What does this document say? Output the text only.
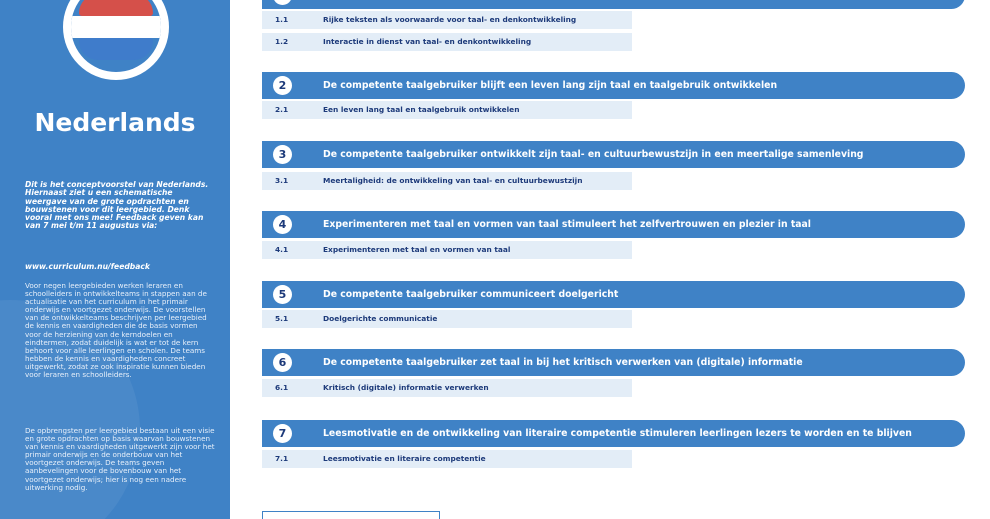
Nederlands
Dit is het conceptvoorstel van Nederlands. Hiernaast ziet u een schematische weergave van de grote opdrachten en bouwstenen voor dit leergebied. Denk vooral met ons mee! Feedback geven kan van 7 mei t/m 11 augustus via:
www.curriculum.nu/feedback
Voor negen leergebieden werken leraren en schoolleiders in ontwikkelteams in stappen aan de actualisatie van het curriculum in het primair onderwijs en voortgezet onderwijs. De voorstellen van de ontwikkelteams beschrijven per leergebied de kennis en vaardigheden die de basis vormen voor de herziening van de kerndoelen en eindtermen, zodat duidelijk is wat er tot de kern behoort voor alle leerlingen en scholen. De teams hebben de kennis en vaardigheden concreet uitgewerkt, zodat ze ook inspiratie kunnen bieden voor leraren en schoolleiders.
De opbrengsten per leergebied bestaan uit een visie en grote opdrachten op basis waarvan bouwstenen van kennis en vaardigheden uitgewerkt zijn voor het primair onderwijs en de onderbouw van het voortgezet onderwijs. De teams geven aanbevelingen voor de bovenbouw van het voortgezet onderwijs; hier is nog een nadere uitwerking nodig.
1.1	Rijke teksten als voorwaarde voor taal- en denkontwikkeling
1.2	Interactie in dienst van taal- en denkontwikkeling
2	De competente taalgebruiker blijft een leven lang zijn taal en taalgebruik ontwikkelen
2.1	Een leven lang taal en taalgebruik ontwikkelen
3	De competente taalgebruiker ontwikkelt zijn taal- en cultuurbewustzijn in een meertalige samenleving
3.1	Meertaligheid: de ontwikkeling van taal- en cultuurbewustzijn
4	Experimenteren met taal en vormen van taal stimuleert het zelfvertrouwen en plezier in taal
4.1	Experimenteren met taal en vormen van taal
5	De competente taalgebruiker communiceert doelgericht
5.1	Doelgerichte communicatie
6	De competente taalgebruiker zet taal in bij het kritisch verwerken van (digitale) informatie
6.1	Kritisch (digitale) informatie verwerken
7	Leesmotivatie en de ontwikkeling van literaire competentie stimuleren leerlingen lezers te worden en te blijven
7.1	Leesmotivatie en literaire competentie
